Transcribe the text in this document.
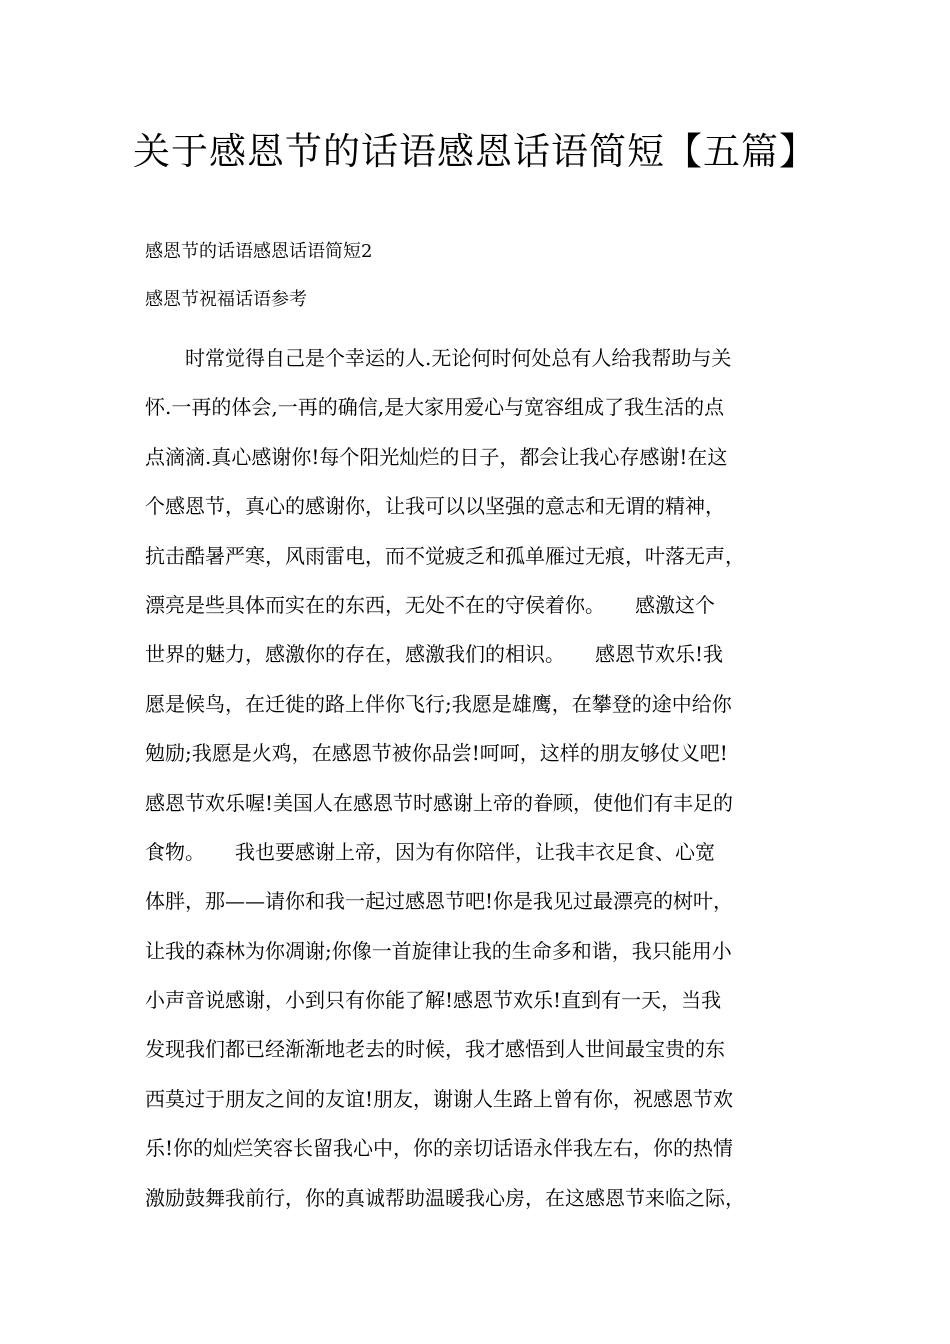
关于感恩节的话语感恩话语简短【五篇】

感恩节的话语感恩话语简短2

感恩节祝福话语参考

　　时常觉得自己是个幸运的人.无论何时何处总有人给我帮助与关
怀.一再的体会,一再的确信,是大家用爱心与宽容组成了我生活的点
点滴滴.真心感谢你!每个阳光灿烂的日子，都会让我心存感谢!在这
个感恩节，真心的感谢你，让我可以以坚强的意志和无谓的精神，
抗击酷暑严寒，风雨雷电，而不觉疲乏和孤单雁过无痕，叶落无声，
漂亮是些具体而实在的东西，无处不在的守侯着你。　　感激这个
世界的魅力，感激你的存在，感激我们的相识。　　感恩节欢乐!我
愿是候鸟，在迁徙的路上伴你飞行;我愿是雄鹰，在攀登的途中给你
勉励;我愿是火鸡，在感恩节被你品尝!呵呵，这样的朋友够仗义吧!
感恩节欢乐喔!美国人在感恩节时感谢上帝的眷顾，使他们有丰足的
食物。　　我也要感谢上帝，因为有你陪伴，让我丰衣足食、心宽
体胖，那——请你和我一起过感恩节吧!你是我见过最漂亮的树叶，
让我的森林为你凋谢;你像一首旋律让我的生命多和谐，我只能用小
小声音说感谢，小到只有你能了解!感恩节欢乐!直到有一天，当我
发现我们都已经渐渐地老去的时候，我才感悟到人世间最宝贵的东
西莫过于朋友之间的友谊!朋友，谢谢人生路上曾有你，祝感恩节欢
乐!你的灿烂笑容长留我心中，你的亲切话语永伴我左右，你的热情
激励鼓舞我前行，你的真诚帮助温暖我心房，在这感恩节来临之际，
